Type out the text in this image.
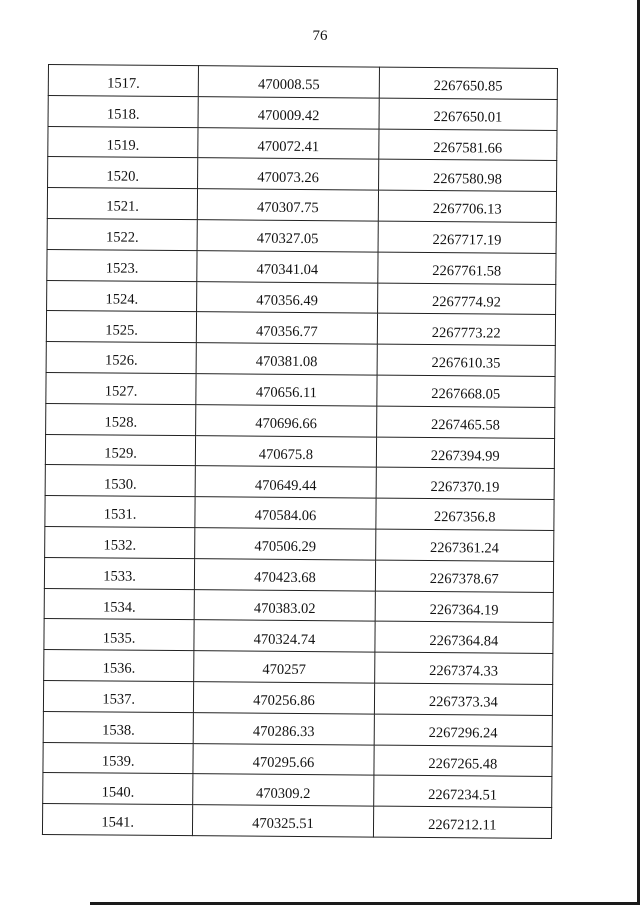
76
1517.	470008.55	2267650.85
1518.	470009.42	2267650.01
1519.	470072.41	2267581.66
1520.	470073.26	2267580.98
1521.	470307.75	2267706.13
1522.	470327.05	2267717.19
1523.	470341.04	2267761.58
1524.	470356.49	2267774.92
1525.	470356.77	2267773.22
1526.	470381.08	2267610.35
1527.	470656.11	2267668.05
1528.	470696.66	2267465.58
1529.	470675.8	2267394.99
1530.	470649.44	2267370.19
1531.	470584.06	2267356.8
1532.	470506.29	2267361.24
1533.	470423.68	2267378.67
1534.	470383.02	2267364.19
1535.	470324.74	2267364.84
1536.	470257	2267374.33
1537.	470256.86	2267373.34
1538.	470286.33	2267296.24
1539.	470295.66	2267265.48
1540.	470309.2	2267234.51
1541.	470325.51	2267212.11
